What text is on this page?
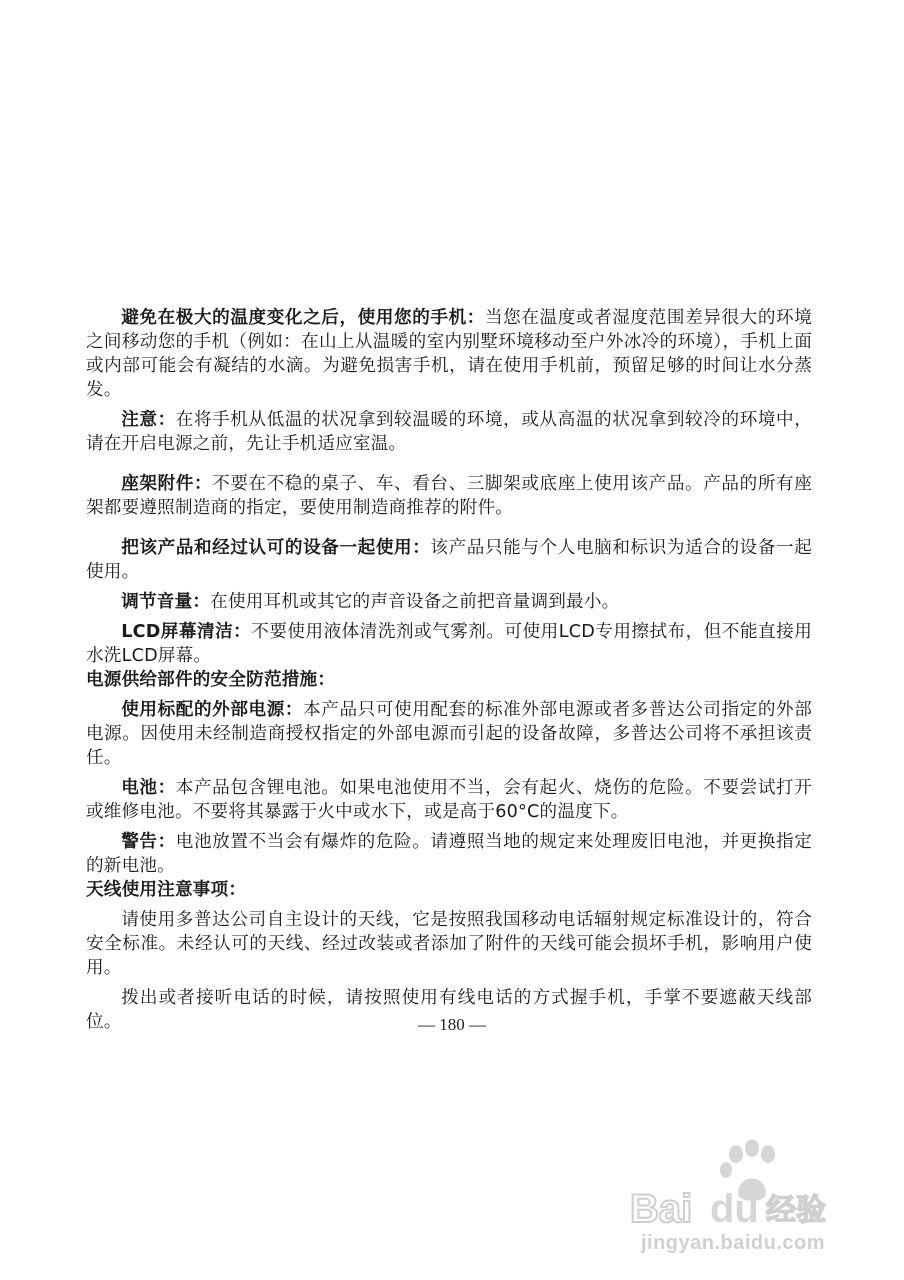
避免在极大的温度变化之后，使用您的手机：当您在温度或者湿度范围差异很大的环境之间移动您的手机（例如：在山上从温暖的室内别墅环境移动至户外冰冷的环境），手机上面或内部可能会有凝结的水滴。为避免损害手机，请在使用手机前，预留足够的时间让水分蒸发。

注意：在将手机从低温的状况拿到较温暖的环境，或从高温的状况拿到较冷的环境中，请在开启电源之前，先让手机适应室温。

座架附件：不要在不稳的桌子、车、看台、三脚架或底座上使用该产品。产品的所有座架都要遵照制造商的指定，要使用制造商推荐的附件。

把该产品和经过认可的设备一起使用：该产品只能与个人电脑和标识为适合的设备一起使用。

调节音量：在使用耳机或其它的声音设备之前把音量调到最小。

LCD屏幕清洁：不要使用液体清洗剂或气雾剂。可使用LCD专用擦拭布，但不能直接用水洗LCD屏幕。

电源供给部件的安全防范措施：

使用标配的外部电源：本产品只可使用配套的标准外部电源或者多普达公司指定的外部电源。因使用未经制造商授权指定的外部电源而引起的设备故障，多普达公司将不承担该责任。

电池：本产品包含锂电池。如果电池使用不当，会有起火、烧伤的危险。不要尝试打开或维修电池。不要将其暴露于火中或水下，或是高于60°C的温度下。

警告：电池放置不当会有爆炸的危险。请遵照当地的规定来处理废旧电池，并更换指定的新电池。

天线使用注意事项：

请使用多普达公司自主设计的天线，它是按照我国移动电话辐射规定标准设计的，符合安全标准。未经认可的天线、经过改装或者添加了附件的天线可能会损坏手机，影响用户使用。

拨出或者接听电话的时候，请按照使用有线电话的方式握手机，手掌不要遮蔽天线部位。	— 180 —
Bai du 经验
jingyan.baidu.com
